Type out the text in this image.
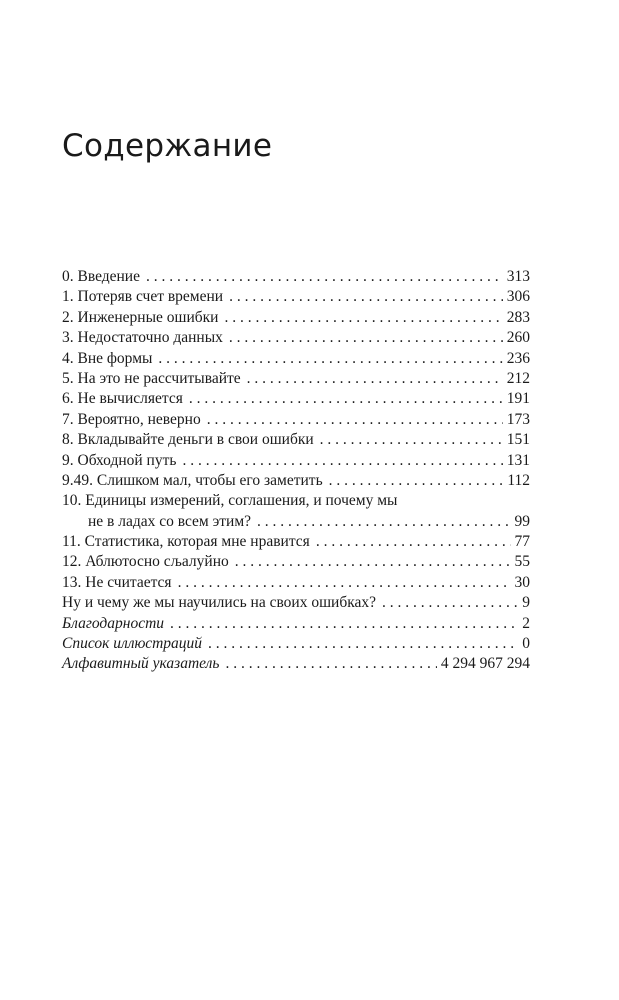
Содержание
0. Введение . . .	313
1. Потеряв счет времени . . .	306
2. Инженерные ошибки . . .	283
3. Недостаточно данных . . .	260
4. Вне формы . . .	236
5. На это не рассчитывайте . . .	212
6. Не вычисляется . . .	191
7. Вероятно, неверно . . .	173
8. Вкладывайте деньги в свои ошибки . . .	151
9. Обходной путь . . .	131
9.49. Слишком мал, чтобы его заметить . . .	112
10. Единицы измерений, соглашения, и почему мы
не в ладах со всем этим? . . .	99
11. Статистика, которая мне нравится . . .	77
12. Аблютосно сљалуйно . . .	55
13. Не считается . . .	30
Ну и чему же мы научились на своих ошибках? . . .	9
Благодарности . . .	2
Список иллюстраций . . .	0
Алфавитный указатель . . .	4 294 967 294
